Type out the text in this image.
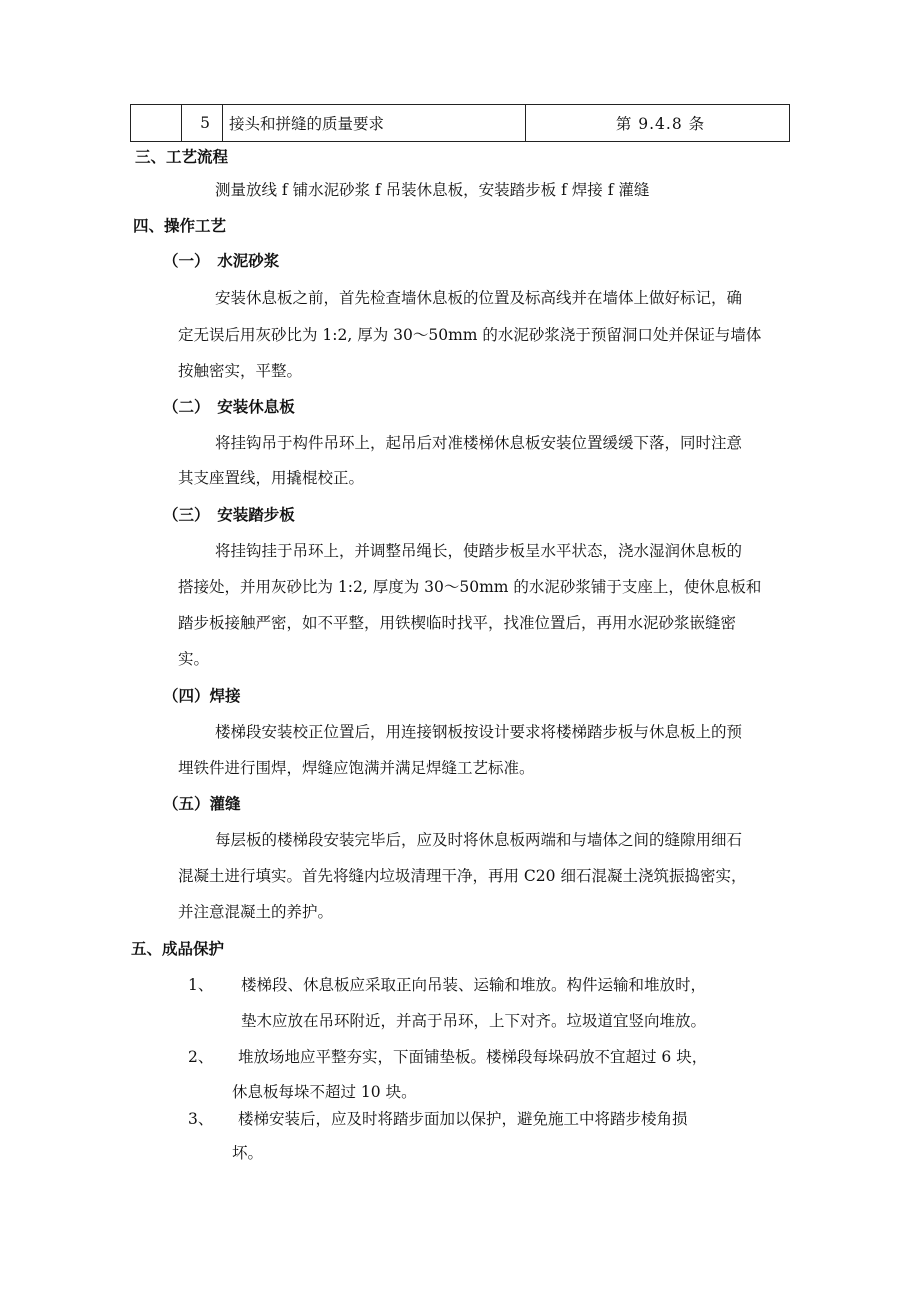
	5	接头和拼缝的质量要求	第 9.4.8 条
三、工艺流程
测量放线 f 铺水泥砂浆 f 吊装休息板，安装踏步板 f 焊接 f 灌缝
四、操作工艺
（一）　水泥砂浆
安装休息板之前，首先检查墙休息板的位置及标高线并在墙体上做好标记，确
定无误后用灰砂比为 1:2, 厚为 30～50mm 的水泥砂浆浇于预留洞口处并保证与墙体
按触密实，平整。
（二）　安装休息板
将挂钩吊于构件吊环上，起吊后对准楼梯休息板安装位置缓缓下落，同时注意
其支座置线，用撬棍校正。
（三）　安装踏步板
将挂钩挂于吊环上，并调整吊绳长，使踏步板呈水平状态，浇水湿润休息板的
搭接处，并用灰砂比为 1:2, 厚度为 30～50mm 的水泥砂浆铺于支座上，使休息板和
踏步板接触严密，如不平整，用铁楔临时找平，找准位置后，再用水泥砂浆嵌缝密
实。
（四）焊接
楼梯段安装校正位置后，用连接钢板按设计要求将楼梯踏步板与休息板上的预
埋铁件进行围焊，焊缝应饱满并满足焊缝工艺标准。
（五）灌缝
每层板的楼梯段安装完毕后，应及时将休息板两端和与墙体之间的缝隙用细石
混凝土进行填实。首先将缝内垃圾清理干净，再用 C20 细石混凝土浇筑振捣密实，
并注意混凝土的养护。
五、成品保护
1、 楼梯段、休息板应采取正向吊装、运输和堆放。构件运输和堆放时，
垫木应放在吊环附近，并高于吊环，上下对齐。垃圾道宜竖向堆放。
2、 堆放场地应平整夯实，下面铺垫板。楼梯段每垛码放不宜超过 6 块，
休息板每垛不超过 10 块。
3、 楼梯安装后，应及时将踏步面加以保护，避免施工中将踏步棱角损
坏。
